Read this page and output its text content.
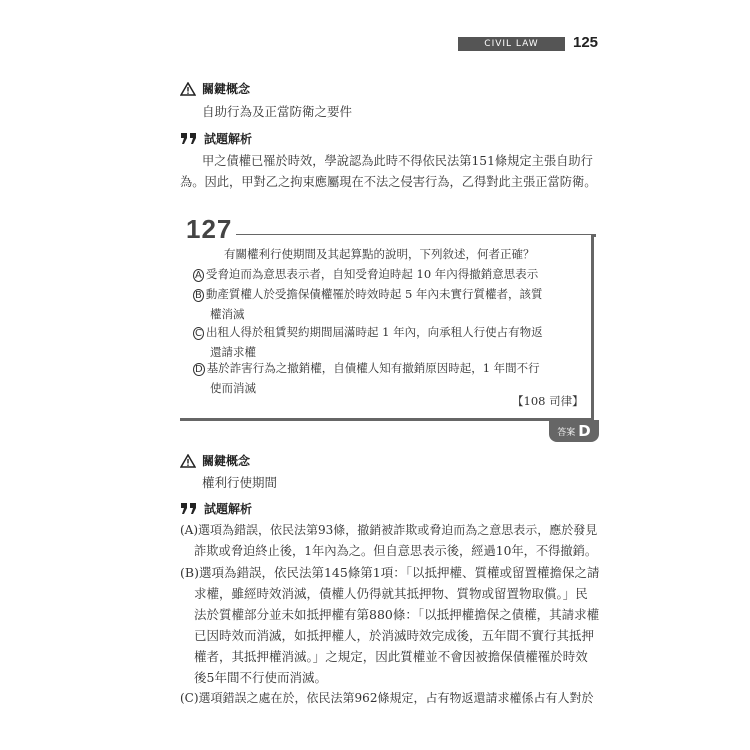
CIVIL LAW	125
關鍵概念
自助行為及正當防衛之要件
試題解析
甲之債權已罹於時效，學說認為此時不得依民法第151條規定主張自助行
為。因此，甲對乙之拘束應屬現在不法之侵害行為，乙得對此主張正當防衛。
127
有關權利行使期間及其起算點的說明，下列敘述，何者正確？
A 受脅迫而為意思表示者，自知受脅迫時起 10 年內得撤銷意思表示
B 動產質權人於受擔保債權罹於時效時起 5 年內未實行質權者，該質
權消滅
C 出租人得於租賃契約期間屆滿時起 1 年內，向承租人行使占有物返
還請求權
D 基於詐害行為之撤銷權，自債權人知有撤銷原因時起，1 年間不行
使而消滅
【108 司律】
答案 D
關鍵概念
權利行使期間
試題解析
(A)選項為錯誤，依民法第93條，撤銷被詐欺或脅迫而為之意思表示，應於發見
詐欺或脅迫終止後，1年內為之。但自意思表示後，經過10年，不得撤銷。
(B)選項為錯誤，依民法第145條第1項：「以抵押權、質權或留置權擔保之請
求權，雖經時效消滅，債權人仍得就其抵押物、質物或留置物取償。」民
法於質權部分並未如抵押權有第880條：「以抵押權擔保之債權，其請求權
已因時效而消滅，如抵押權人，於消滅時效完成後，五年間不實行其抵押
權者，其抵押權消滅。」之規定，因此質權並不會因被擔保債權罹於時效
後5年間不行使而消滅。
(C)選項錯誤之處在於，依民法第962條規定，占有物返還請求權係占有人對於
